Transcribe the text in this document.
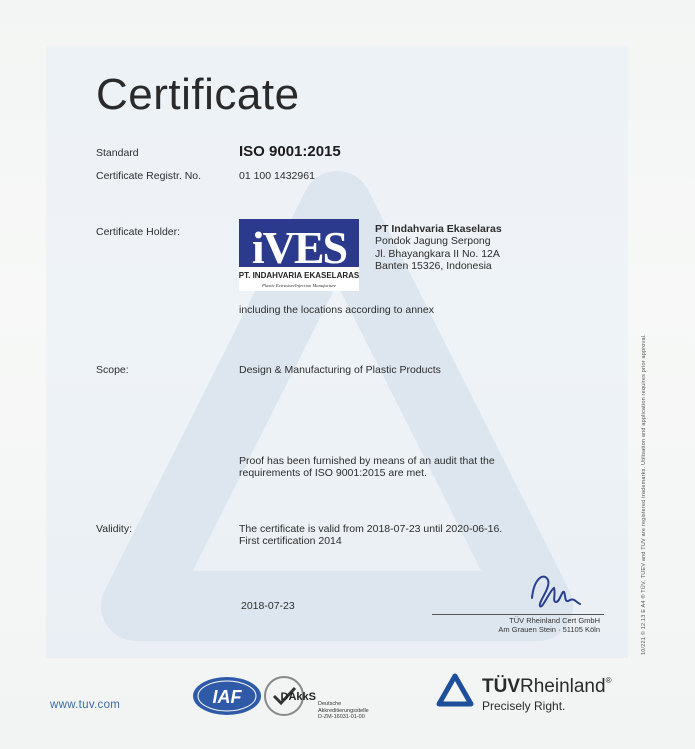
Certificate
Standard	ISO 9001:2015
Certificate Registr. No.	01 100 1432961
Certificate Holder: iVES
PT. INDAHVARIA EKASELARAS
Plastic Extrusion/Injection Manufacture
PT Indahvaria Ekaselaras
Pondok Jagung Serpong
Jl. Bhayangkara II No. 12A
Banten 15326, Indonesia
including the locations according to annex
Scope:	Design & Manufacturing of Plastic Products
Proof has been furnished by means of an audit that the
requirements of ISO 9001:2015 are met.
Validity:	The certificate is valid from 2018-07-23 until 2020-06-16.
First certification 2014
2018-07-23
TÜV Rheinland Cert GmbH
Am Grauen Stein · 51105 Köln	10/221 © 12.13 E A4 ® TÜV, TUEV and TUV are registered trademarks. Utilisation and application requires prior approval.
www.tuv.com	IAF	DAkkS
Deutsche
Akkreditierungsstelle
D-ZM-16031-01-00
TÜVRheinland®
Precisely Right.
